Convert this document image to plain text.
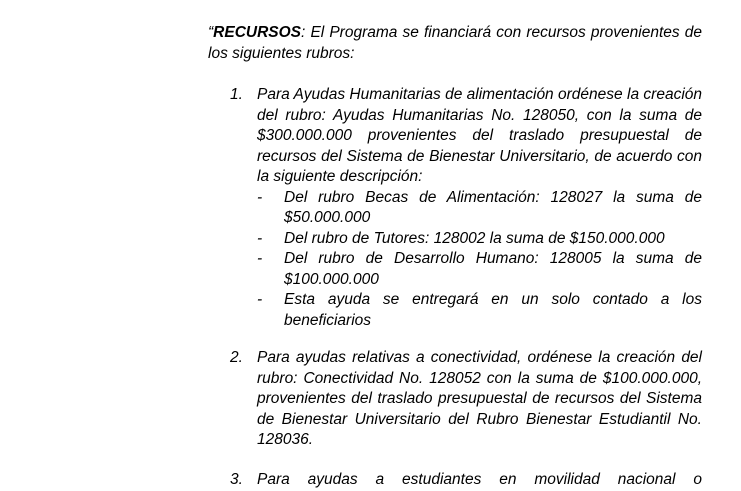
“RECURSOS: El Programa se financiará con recursos provenientes de los siguientes rubros:

1. Para Ayudas Humanitarias de alimentación ordénese la creación del rubro: Ayudas Humanitarias No. 128050, con la suma de $300.000.000 provenientes del traslado presupuestal de recursos del Sistema de Bienestar Universitario, de acuerdo con la siguiente descripción:
- Del rubro Becas de Alimentación: 128027 la suma de $50.000.000
- Del rubro de Tutores: 128002 la suma de $150.000.000
- Del rubro de Desarrollo Humano: 128005 la suma de $100.000.000
- Esta ayuda se entregará en un solo contado a los beneficiarios
2. Para ayudas relativas a conectividad, ordénese la creación del rubro: Conectividad No. 128052 con la suma de $100.000.000, provenientes del traslado presupuestal de recursos del Sistema de Bienestar Universitario del Rubro Bienestar Estudiantil No. 128036.
3. Para ayudas a estudiantes en movilidad nacional o
